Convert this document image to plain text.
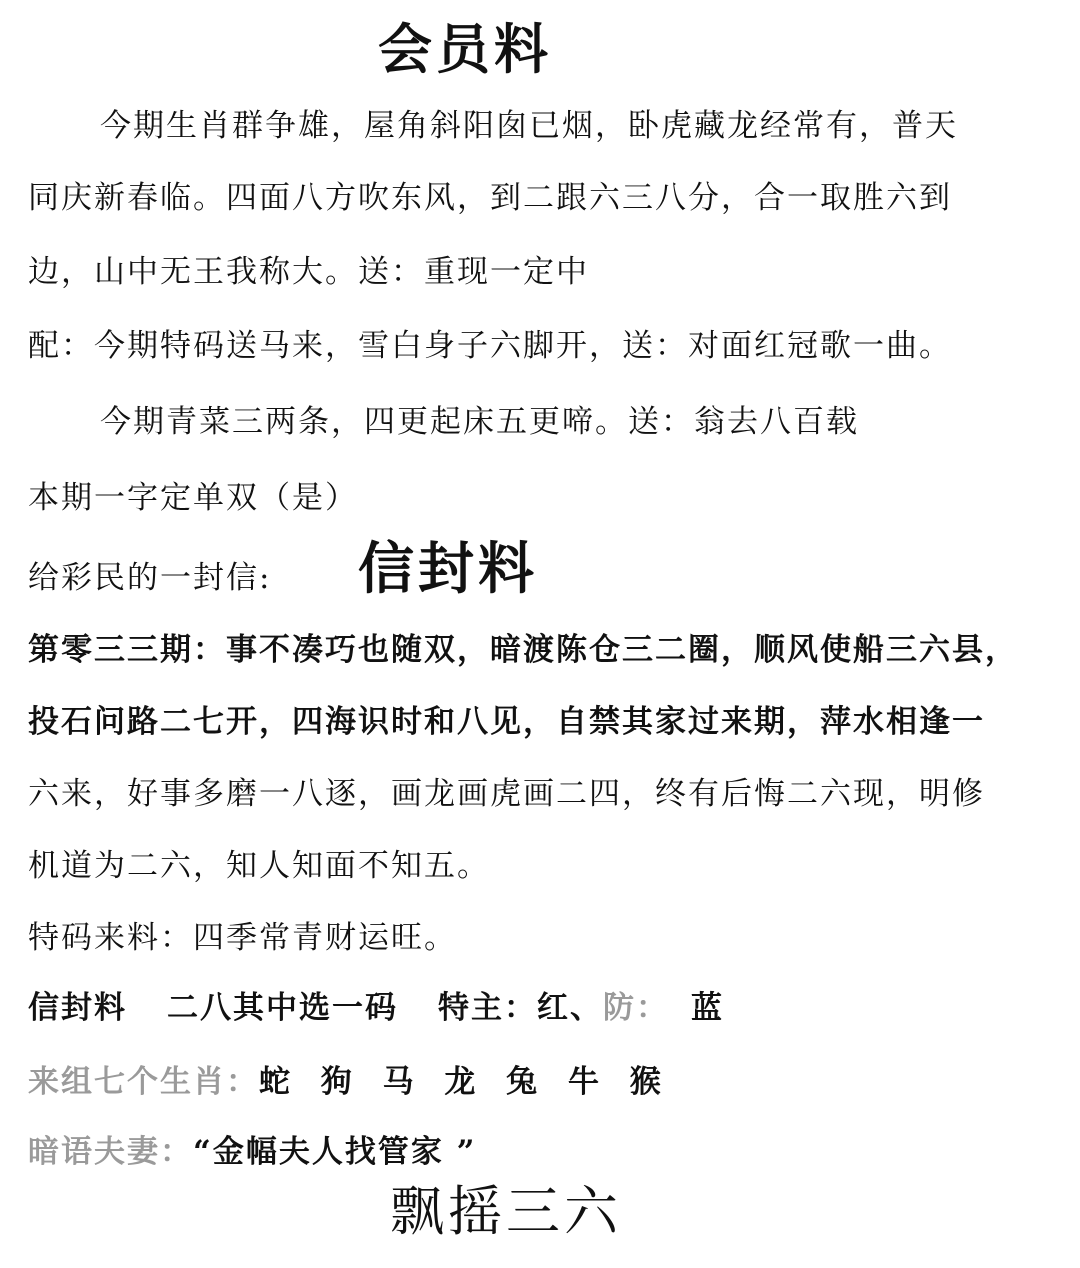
会员料
今期生肖群争雄，屋角斜阳囱已烟，卧虎藏龙经常有，普天
同庆新春临。四面八方吹东风，到二跟六三八分，合一取胜六到
边，山中无王我称大。送：重现一定中
配：今期特码送马来，雪白身子六脚开，送：对面红冠歌一曲。
今期青菜三两条，四更起床五更啼。送：翁去八百载
本期一字定单双（是）
给彩民的一封信: 信封料
第零三三期：事不凑巧也随双，暗渡陈仓三二圈，顺风使船三六县，
投石问路二七开，四海识时和八见，自禁其家过来期，萍水相逢一
六来，好事多磨一八逐，画龙画虎画二四，终有后悔二六现，明修
机道为二六，知人知面不知五。
特码来料：四季常青财运旺。
信封料 二八其中选一码 特主：红、防： 蓝
来组七个生肖：蛇 狗 马 龙 兔 牛 猴
暗语夫妻：“金幅夫人找管家 ”
飘摇三六
